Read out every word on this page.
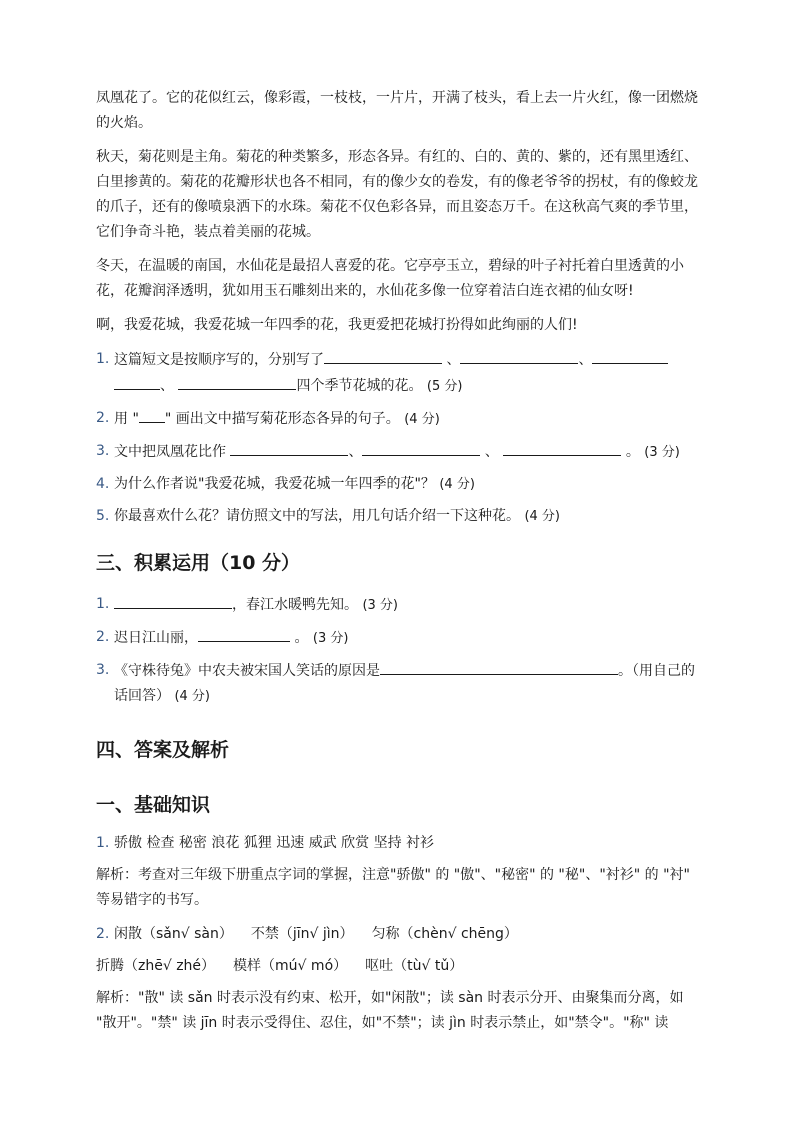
凤凰花了。它的花似红云，像彩霞，一枝枝，一片片，开满了枝头，看上去一片火红，像一团燃烧的火焰。

秋天，菊花则是主角。菊花的种类繁多，形态各异。有红的、白的、黄的、紫的，还有黑里透红、白里掺黄的。菊花的花瓣形状也各不相同，有的像少女的卷发，有的像老爷爷的拐杖，有的像蛟龙的爪子，还有的像喷泉洒下的水珠。菊花不仅色彩各异，而且姿态万千。在这秋高气爽的季节里，它们争奇斗艳，装点着美丽的花城。

冬天，在温暖的南国，水仙花是最招人喜爱的花。它亭亭玉立，碧绿的叶子衬托着白里透黄的小花，花瓣润泽透明，犹如用玉石雕刻出来的，水仙花多像一位穿着洁白连衣裙的仙女呀!

啊，我爱花城，我爱花城一年四季的花，我更爱把花城打扮得如此绚丽的人们!

1. 这篇短文是按顺序写的，分别写了	、	、
、	四个季节花城的花。 (5 分)
2. 用 " " 画出文中描写菊花形态各异的句子。 (4 分)
3. 文中把凤凰花比作	、	、	。 (3 分)
4. 为什么作者说"我爱花城，我爱花城一年四季的花"？ (4 分)
5. 你最喜欢什么花？请仿照文中的写法，用几句话介绍一下这种花。 (4 分)
三、积累运用（10 分）
1.	，春江水暖鸭先知。 (3 分)
2. 迟日江山丽，	。 (3 分)
3. 《守株待兔》中农夫被宋国人笑话的原因是	。（用自己的话回答） (4 分)
四、答案及解析
一、基础知识
1. 骄傲 检查 秘密 浪花 狐狸 迅速 威武 欣赏 坚持 衬衫

解析：考查对三年级下册重点字词的掌握，注意"骄傲" 的 "傲"、"秘密" 的 "秘"、"衬衫" 的 "衬" 等易错字的书写。

2. 闲散（sǎn√ sàn） 不禁（jīn√ jìn） 匀称（chèn√ chēng）

折腾（zhē√ zhé） 模样（mú√ mó） 呕吐（tù√ tǔ）

解析："散" 读 sǎn 时表示没有约束、松开，如"闲散"；读 sàn 时表示分开、由聚集而分离，如 "散开"。"禁" 读 jīn 时表示受得住、忍住，如"不禁"；读 jìn 时表示禁止，如"禁令"。"称" 读
